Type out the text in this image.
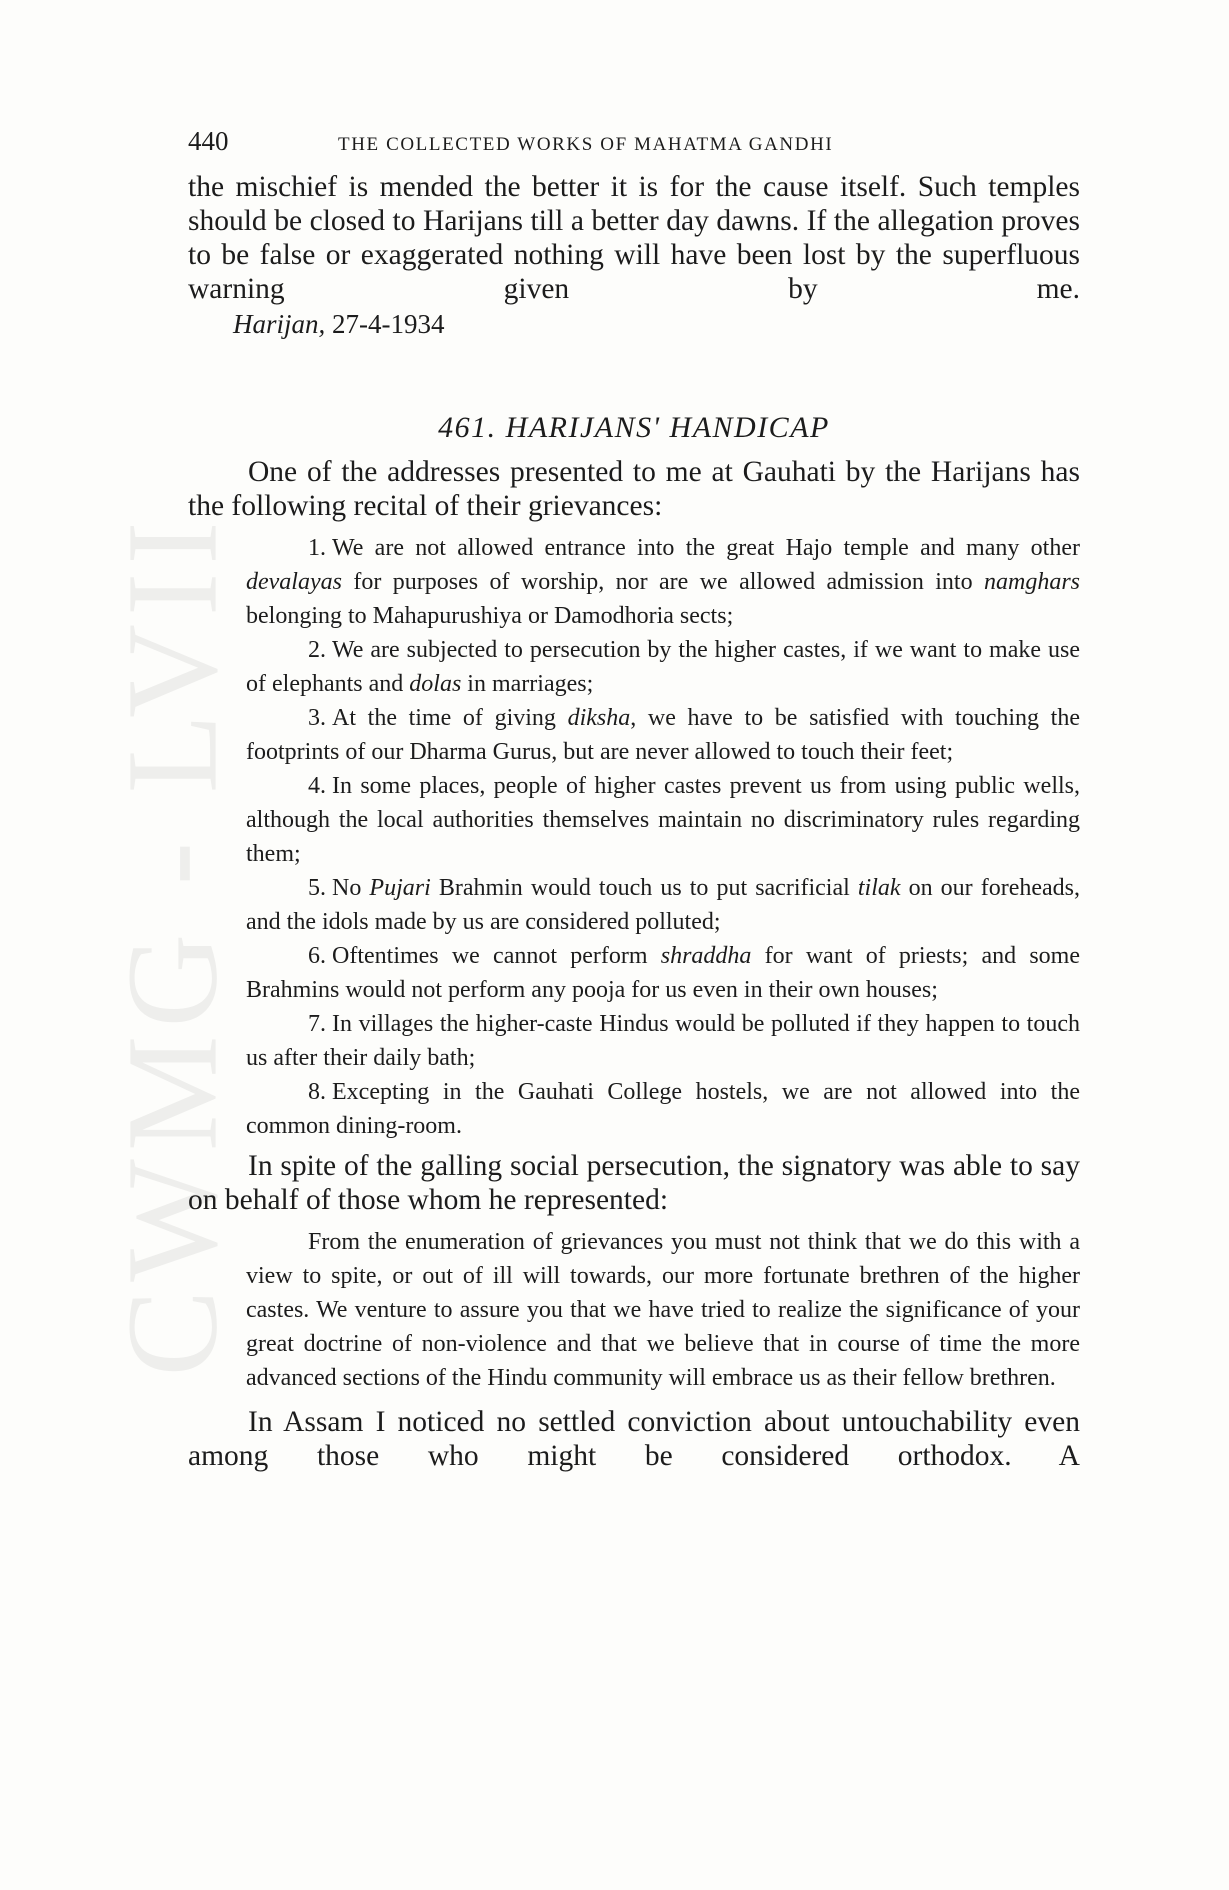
CWMG - LVII
440	THE COLLECTED WORKS OF MAHATMA GANDHI

the mischief is mended the better it is for the cause itself. Such temples should be closed to Harijans till a better day dawns. If the allegation proves to be false or exaggerated nothing will have been lost by the superfluous warning given by me.

Harijan, 27-4-1934
461. HARIJANS' HANDICAP

One of the addresses presented to me at Gauhati by the Harijans has the following recital of their grievances:

1. We are not allowed entrance into the great Hajo temple and many other devalayas for purposes of worship, nor are we allowed admission into namghars belonging to Mahapurushiya or Damodhoria sects;

2. We are subjected to persecution by the higher castes, if we want to make use of elephants and dolas in marriages;

3. At the time of giving diksha, we have to be satisfied with touching the footprints of our Dharma Gurus, but are never allowed to touch their feet;

4. In some places, people of higher castes prevent us from using public wells, although the local authorities themselves maintain no discriminatory rules regarding them;

5. No Pujari Brahmin would touch us to put sacrificial tilak on our foreheads, and the idols made by us are considered polluted;

6. Oftentimes we cannot perform shraddha for want of priests; and some Brahmins would not perform any pooja for us even in their own houses;

7. In villages the higher-caste Hindus would be polluted if they happen to touch us after their daily bath;

8. Excepting in the Gauhati College hostels, we are not allowed into the common dining-room.

In spite of the galling social persecution, the signatory was able to say on behalf of those whom he represented:

From the enumeration of grievances you must not think that we do this with a view to spite, or out of ill will towards, our more fortunate brethren of the higher castes. We venture to assure you that we have tried to realize the significance of your great doctrine of non-violence and that we believe that in course of time the more advanced sections of the Hindu community will embrace us as their fellow brethren.

In Assam I noticed no settled conviction about untouchability even among those who might be considered orthodox. A
